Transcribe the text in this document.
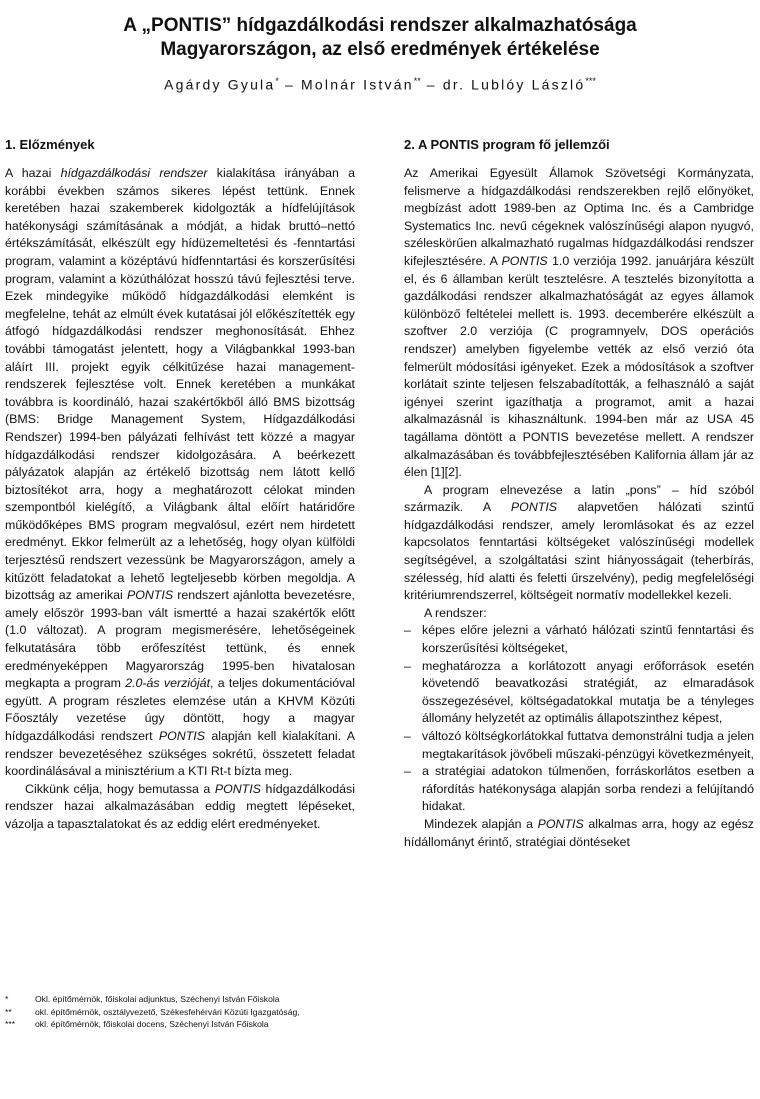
A „PONTIS” hídgazdálkodási rendszer alkalmazhatósága
Magyarországon, az első eredmények értékelése
Agárdy Gyula* – Molnár István** – dr. Lublóy László***
1. Előzmények

A hazai hídgazdálkodási rendszer kialakítása irányában a korábbi években számos sikeres lépést tettünk. Ennek keretében hazai szakemberek kidolgozták a hídfelújítások hatékonysági számításának a módját, a hidak bruttó–nettó értékszámítását, elkészült egy hídüzemeltetési és -fenntartási program, valamint a középtávú hídfenntartási és korszerűsítési program, valamint a közúthálózat hosszú távú fejlesztési terve. Ezek mindegyike működő hídgazdálkodási elemként is megfelelne, tehát az elmúlt évek kutatásai jól előkészítették egy átfogó hídgazdálkodási rendszer meghonosítását. Ehhez további támogatást jelentett, hogy a Világbankkal 1993-ban aláírt III. projekt egyik célkitűzése hazai management-rendszerek fejlesztése volt. Ennek keretében a munkákat továbbra is koordináló, hazai szakértőkből álló BMS bizottság (BMS: Bridge Management System, Hídgazdálkodási Rendszer) 1994-ben pályázati felhívást tett közzé a magyar hídgazdálkodási rendszer kidolgozására. A beérkezett pályázatok alapján az értékelő bizottság nem látott kellő biztosítékot arra, hogy a meghatározott célokat minden szempontból kielégítő, a Világbank által előírt határidőre működőképes BMS program megvalósul, ezért nem hirdetett eredményt. Ekkor felmerült az a lehetőség, hogy olyan külföldi terjesztésű rendszert vezessünk be Magyarországon, amely a kitűzött feladatokat a lehető legteljesebb körben megoldja. A bizottság az amerikai PONTIS rendszert ajánlotta bevezetésre, amely először 1993-ban vált ismertté a hazai szakértők előtt (1.0 változat). A program megismerésére, lehetőségeinek felkutatására több erőfeszítést tettünk, és ennek eredményeképpen Magyarország 1995-ben hivatalosan megkapta a program 2.0-ás verzióját, a teljes dokumentációval együtt. A program részletes elemzése után a KHVM Közúti Főosztály vezetése úgy döntött, hogy a magyar hídgazdálkodási rendszert PONTIS alapján kell kialakítani. A rendszer bevezetéséhez szükséges sokrétű, összetett feladat koordinálásával a minisztérium a KTI Rt-t bízta meg.

Cikkünk célja, hogy bemutassa a PONTIS hídgazdálkodási rendszer hazai alkalmazásában eddig megtett lépéseket, vázolja a tapasztalatokat és az eddig elért eredményeket.

2. A PONTIS program fő jellemzői

Az Amerikai Egyesült Államok Szövetségi Kormányzata, felismerve a hídgazdálkodási rendszerekben rejlő előnyöket, megbízást adott 1989-ben az Optima Inc. és a Cambridge Systematics Inc. nevű cégeknek valószínűségi alapon nyugvó, széleskörűen alkalmazható rugalmas hídgazdálkodási rendszer kifejlesztésére. A PONTIS 1.0 verziója 1992. januárjára készült el, és 6 államban került tesztelésre. A tesztelés bizonyította a gazdálkodási rendszer alkalmazhatóságát az egyes államok különböző feltételei mellett is. 1993. decemberére elkészült a szoftver 2.0 verziója (C programnyelv, DOS operációs rendszer) amelyben figyelembe vették az első verzió óta felmerült módosítási igényeket. Ezek a módosítások a szoftver korlátait szinte teljesen felszabadították, a felhasználó a saját igényei szerint igazíthatja a programot, amit a hazai alkalmazásnál is kihasználtunk. 1994-ben már az USA 45 tagállama döntött a PONTIS bevezetése mellett. A rendszer alkalmazásában és továbbfejlesztésében Kalifornia állam jár az élen [1][2].

A program elnevezése a latin „pons” – híd szóból származik. A PONTIS alapvetően hálózati szintű hídgazdálkodási rendszer, amely leromlásokat és az ezzel kapcsolatos fenntartási költségeket valószínűségi modellek segítségével, a szolgáltatási szint hiányosságait (teherbírás, szélesség, híd alatti és feletti űrszelvény), pedig megfelelőségi kritériumrendszerrel, költségeit normatív modellekkel kezeli.

A rendszer:

– képes előre jelezni a várható hálózati szintű fenntartási és korszerűsítési költségeket,
– meghatározza a korlátozott anyagi erőforrások esetén követendő beavatkozási stratégiát, az elmaradások összegezésével, költségadatokkal mutatja be a tényleges állomány helyzetét az optimális állapotszinthez képest,
– változó költségkorlátokkal futtatva demonstrálni tudja a jelen megtakarítások jövőbeli műszaki-pénzügyi következményeit,
– a stratégiai adatokon túlmenően, forráskorlátos esetben a ráfordítás hatékonysága alapján sorba rendezi a felújítandó hidakat.

Mindezek alapján a PONTIS alkalmas arra, hogy az egész hídállományt érintő, stratégiai döntéseket

*	Okl. építőmérnök, főiskolai adjunktus, Széchenyi István Főiskola
**	okl. építőmérnök, osztályvezető, Székesfehérvári Közúti Igazgatóság,
***	okl. építőmérnök, főiskolai docens, Széchenyi István Főiskola
